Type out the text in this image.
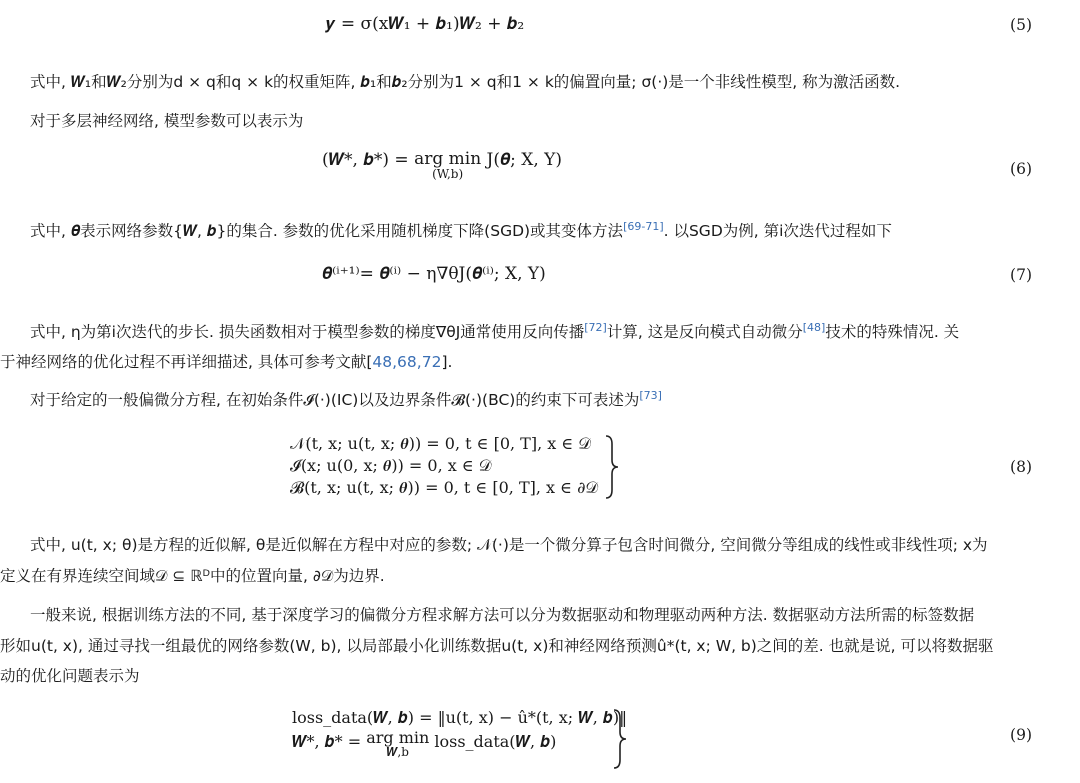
𝒚 = σ(x𝑾₁ + 𝒃₁)𝑾₂ + 𝒃₂	(5)
式中, 𝑾₁和𝑾₂分别为d × q和q × k的权重矩阵, 𝒃₁和𝒃₂分别为1 × q和1 × k的偏置向量; σ(·)是一个非线性模型, 称为激活函数.
对于多层神经网络, 模型参数可以表示为
(𝑾*, 𝒃*) = arg min
(W,b)
J(𝜽; X, Y)	(6)
式中, 𝜽表示网络参数{𝑾, 𝒃}的集合. 参数的优化采用随机梯度下降(SGD)或其变体方法[69-71]. 以SGD为例, 第i次迭代过程如下
𝜽⁽ⁱ⁺¹⁾= 𝜽⁽ⁱ⁾ − η∇θJ(𝜽⁽ⁱ⁾; X, Y)	(7)
式中, η为第i次迭代的步长. 损失函数相对于模型参数的梯度∇θJ通常使用反向传播[72]计算, 这是反向模式自动微分[48]技术的特殊情况. 关
于神经网络的优化过程不再详细描述, 具体可参考文献[48,68,72].
对于给定的一般偏微分方程, 在初始条件𝓘(·)(IC)以及边界条件𝓑(·)(BC)的约束下可表述为[73]
𝒩(t, x; u(t, x; 𝜽)) = 0, t ∈ [0, T], x ∈ 𝒟
𝓘(x; u(0, x; 𝜽)) = 0, x ∈ 𝒟
𝓑(t, x; u(t, x; 𝜽)) = 0, t ∈ [0, T], x ∈ ∂𝒟
(8)
式中, u(t, x; θ)是方程的近似解, θ是近似解在方程中对应的参数; 𝒩(·)是一个微分算子包含时间微分, 空间微分等组成的线性或非线性项; x为
定义在有界连续空间域𝒟 ⊆ ℝᴰ中的位置向量, ∂𝒟为边界.
一般来说, 根据训练方法的不同, 基于深度学习的偏微分方程求解方法可以分为数据驱动和物理驱动两种方法. 数据驱动方法所需的标签数据
形如u(t, x), 通过寻找一组最优的网络参数(W, b), 以局部最小化训练数据u(t, x)和神经网络预测û*(t, x; W, b)之间的差. 也就是说, 可以将数据驱
动的优化问题表示为
loss_data(𝑾, 𝒃) = ‖u(t, x) − û*(t, x; 𝑾, 𝒃)‖
𝑾*, 𝒃* = arg min
𝑾,b
loss_data(𝑾, 𝒃)	(9)
